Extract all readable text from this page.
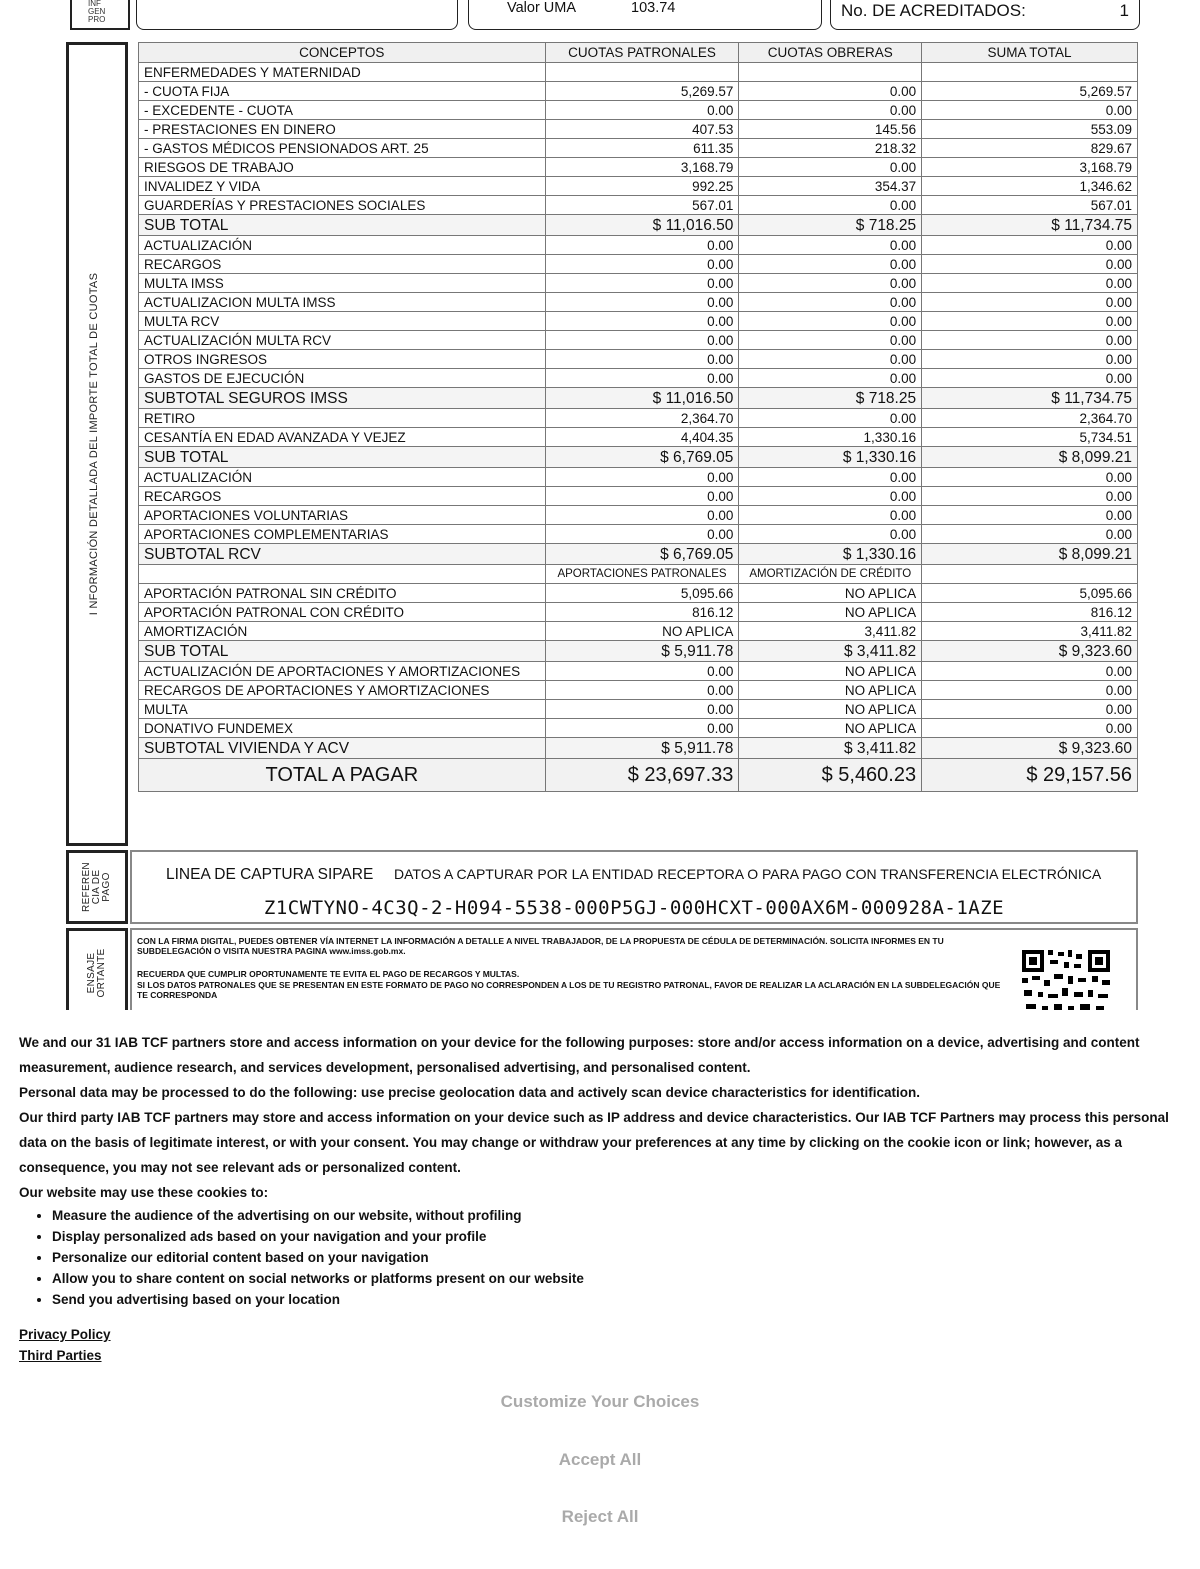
INF
GEN
PRO
Valor UMA	103.74	No. DE ACREDITADOS:	1
I NFORMACIÓN DETALLADA DEL IMPORTE TOTAL DE CUOTAS
CONCEPTOS	CUOTAS PATRONALES	CUOTAS OBRERAS	SUMA TOTAL
ENFERMEDADES Y MATERNIDAD			
- CUOTA FIJA	5,269.57	0.00	5,269.57
- EXCEDENTE - CUOTA	0.00	0.00	0.00
- PRESTACIONES EN DINERO	407.53	145.56	553.09
- GASTOS MÉDICOS PENSIONADOS ART. 25	611.35	218.32	829.67
RIESGOS DE TRABAJO	3,168.79	0.00	3,168.79
INVALIDEZ Y VIDA	992.25	354.37	1,346.62
GUARDERÍAS Y PRESTACIONES SOCIALES	567.01	0.00	567.01
SUB TOTAL	$ 11,016.50	$ 718.25	$ 11,734.75
ACTUALIZACIÓN	0.00	0.00	0.00
RECARGOS	0.00	0.00	0.00
MULTA IMSS	0.00	0.00	0.00
ACTUALIZACION MULTA IMSS	0.00	0.00	0.00
MULTA RCV	0.00	0.00	0.00
ACTUALIZACIÓN MULTA RCV	0.00	0.00	0.00
OTROS INGRESOS	0.00	0.00	0.00
GASTOS DE EJECUCIÓN	0.00	0.00	0.00
SUBTOTAL SEGUROS IMSS	$ 11,016.50	$ 718.25	$ 11,734.75
RETIRO	2,364.70	0.00	2,364.70
CESANTÍA EN EDAD AVANZADA Y VEJEZ	4,404.35	1,330.16	5,734.51
SUB TOTAL	$ 6,769.05	$ 1,330.16	$ 8,099.21
ACTUALIZACIÓN	0.00	0.00	0.00
RECARGOS	0.00	0.00	0.00
APORTACIONES VOLUNTARIAS	0.00	0.00	0.00
APORTACIONES COMPLEMENTARIAS	0.00	0.00	0.00
SUBTOTAL RCV	$ 6,769.05	$ 1,330.16	$ 8,099.21
	APORTACIONES PATRONALES	AMORTIZACIÓN DE CRÉDITO	
APORTACIÓN PATRONAL SIN CRÉDITO	5,095.66	NO APLICA	5,095.66
APORTACIÓN PATRONAL CON CRÉDITO	816.12	NO APLICA	816.12
AMORTIZACIÓN	NO APLICA	3,411.82	3,411.82
SUB TOTAL	$ 5,911.78	$ 3,411.82	$ 9,323.60
ACTUALIZACIÓN DE APORTACIONES Y AMORTIZACIONES	0.00	NO APLICA	0.00
RECARGOS DE APORTACIONES Y AMORTIZACIONES	0.00	NO APLICA	0.00
MULTA	0.00	NO APLICA	0.00
DONATIVO FUNDEMEX	0.00	NO APLICA	0.00
SUBTOTAL VIVIENDA Y ACV	$ 5,911.78	$ 3,411.82	$ 9,323.60
TOTAL A PAGAR	$ 23,697.33	$ 5,460.23	$ 29,157.56
REFEREN CIA DE PAGO	LINEA DE CAPTURA SIPARE DATOS A CAPTURAR POR LA ENTIDAD RECEPTORA O PARA PAGO CON TRANSFERENCIA ELECTRÓNICA
Z1CWTYNO-4C3Q-2-H094-5538-000P5GJ-000HCXT-000AX6M-000928A-1AZE
ENSAJE ORTANTE
CON LA FIRMA DIGITAL, PUEDES OBTENER VÍA INTERNET LA INFORMACIÓN A DETALLE A NIVEL TRABAJADOR, DE LA PROPUESTA DE CÉDULA DE DETERMINACIÓN. SOLICITA INFORMES EN TU SUBDELEGACIÓN O VISITA NUESTRA PAGINA www.imss.gob.mx.
RECUERDA QUE CUMPLIR OPORTUNAMENTE TE EVITA EL PAGO DE RECARGOS Y MULTAS.
SI LOS DATOS PATRONALES QUE SE PRESENTAN EN ESTE FORMATO DE PAGO NO CORRESPONDEN A LOS DE TU REGISTRO PATRONAL, FAVOR DE REALIZAR LA ACLARACIÓN EN LA SUBDELEGACIÓN QUE TE CORRESPONDA

We and our 31 IAB TCF partners store and access information on your device for the following purposes: store and/or access information on a device, advertising and content measurement, audience research, and services development, personalised advertising, and personalised content.

Personal data may be processed to do the following: use precise geolocation data and actively scan device characteristics for identification.

Our third party IAB TCF partners may store and access information on your device such as IP address and device characteristics. Our IAB TCF Partners may process this personal data on the basis of legitimate interest, or with your consent. You may change or withdraw your preferences at any time by clicking on the cookie icon or link; however, as a consequence, you may not see relevant ads or personalized content.

Our website may use these cookies to:

• Measure the audience of the advertising on our website, without profiling
• Display personalized ads based on your navigation and your profile
• Personalize our editorial content based on your navigation
• Allow you to share content on social networks or platforms present on our website
• Send you advertising based on your location
Privacy Policy
Third Parties
Customize Your Choices
Accept All
Reject All
